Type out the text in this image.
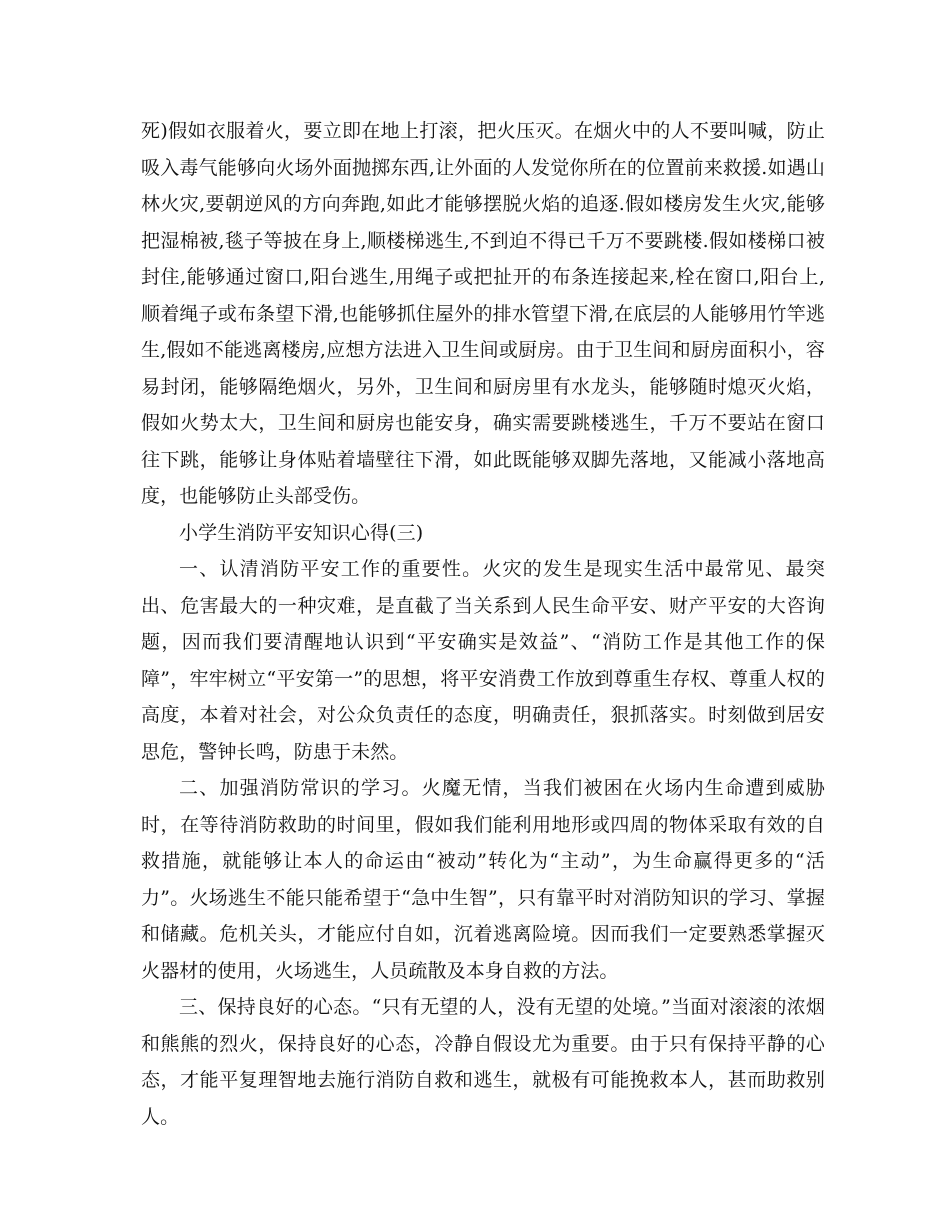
死)假如衣服着火，要立即在地上打滚，把火压灭。在烟火中的人不要叫喊，防止吸入毒气能够向火场外面抛掷东西,让外面的人发觉你所在的位置前来救援.如遇山林火灾,要朝逆风的方向奔跑,如此才能够摆脱火焰的追逐.假如楼房发生火灾,能够把湿棉被,毯子等披在身上,顺楼梯逃生,不到迫不得已千万不要跳楼.假如楼梯口被封住,能够通过窗口,阳台逃生,用绳子或把扯开的布条连接起来,栓在窗口,阳台上,顺着绳子或布条望下滑,也能够抓住屋外的排水管望下滑,在底层的人能够用竹竿逃生,假如不能逃离楼房,应想方法进入卫生间或厨房。由于卫生间和厨房面积小，容易封闭，能够隔绝烟火，另外，卫生间和厨房里有水龙头，能够随时熄灭火焰，假如火势太大，卫生间和厨房也能安身，确实需要跳楼逃生，千万不要站在窗口往下跳，能够让身体贴着墙壁往下滑，如此既能够双脚先落地，又能减小落地高度，也能够防止头部受伤。

小学生消防平安知识心得(三)

一、认清消防平安工作的重要性。火灾的发生是现实生活中最常见、最突出、危害最大的一种灾难，是直截了当关系到人民生命平安、财产平安的大咨询题，因而我们要清醒地认识到“平安确实是效益”、“消防工作是其他工作的保障”，牢牢树立“平安第一”的思想，将平安消费工作放到尊重生存权、尊重人权的高度，本着对社会，对公众负责任的态度，明确责任，狠抓落实。时刻做到居安思危，警钟长鸣，防患于未然。

二、加强消防常识的学习。火魔无情，当我们被困在火场内生命遭到威胁时，在等待消防救助的时间里，假如我们能利用地形或四周的物体采取有效的自救措施，就能够让本人的命运由“被动”转化为“主动”，为生命赢得更多的“活力”。火场逃生不能只能希望于“急中生智”，只有靠平时对消防知识的学习、掌握和储藏。危机关头，才能应付自如，沉着逃离险境。因而我们一定要熟悉掌握灭火器材的使用，火场逃生，人员疏散及本身自救的方法。

三、保持良好的心态。“只有无望的人，没有无望的处境。”当面对滚滚的浓烟和熊熊的烈火，保持良好的心态，冷静自假设尤为重要。由于只有保持平静的心态，才能平复理智地去施行消防自救和逃生，就极有可能挽救本人，甚而助救别人。
